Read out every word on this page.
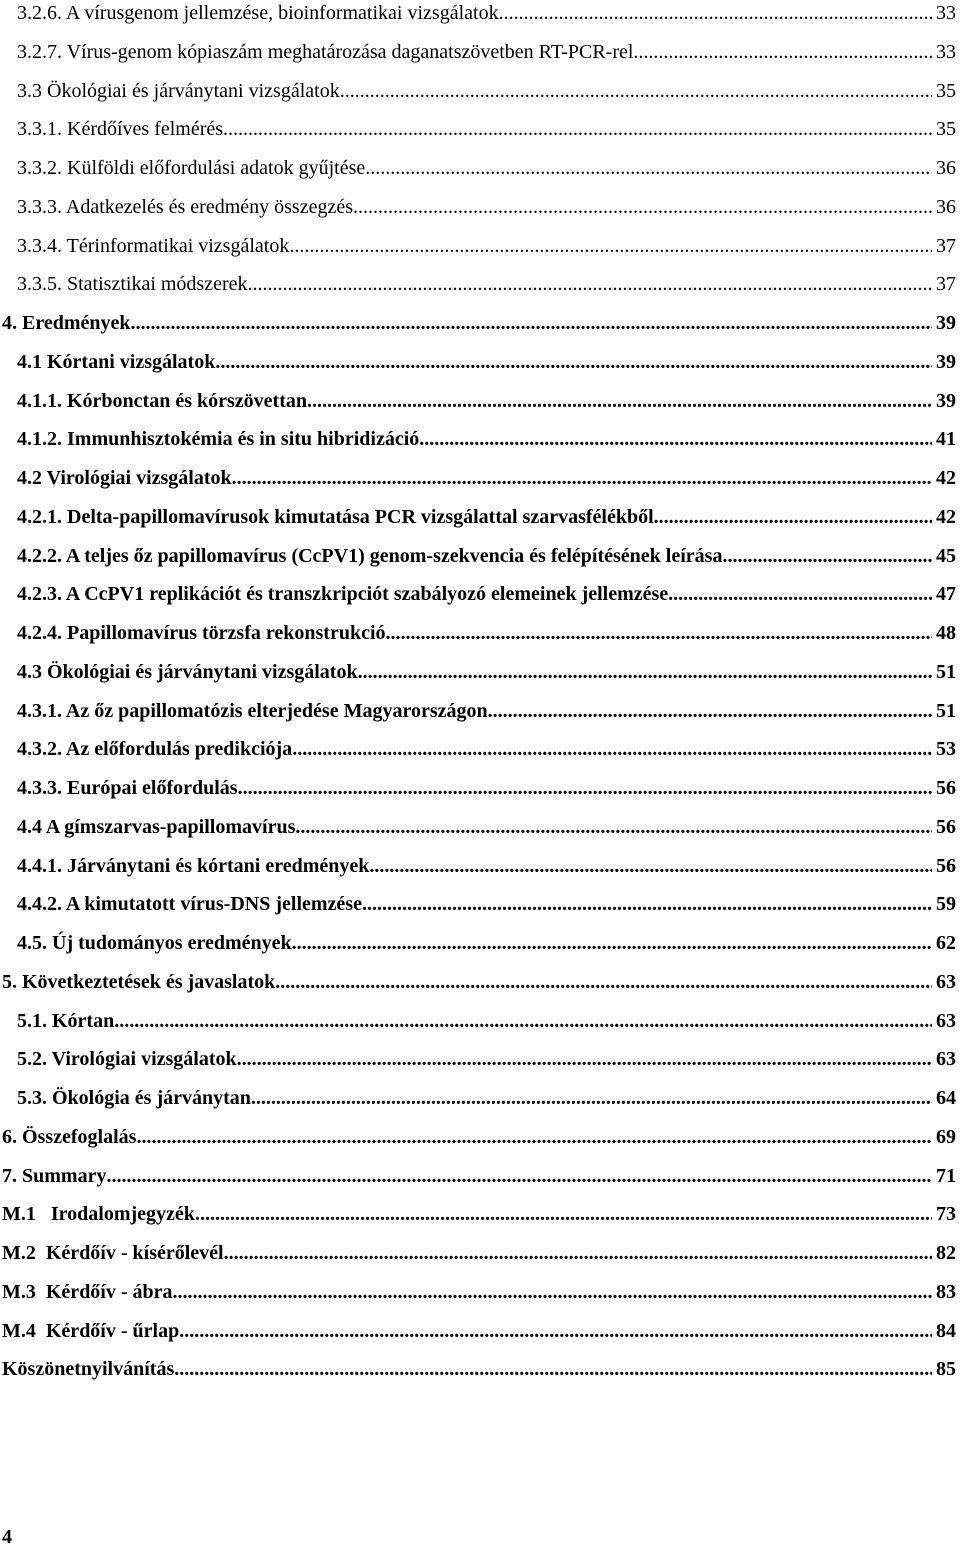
3.2.6. A vírusgenom jellemzése, bioinformatikai vizsgálatok .....	33
3.2.7. Vírus-genom kópiaszám meghatározása daganatszövetben RT-PCR-rel .....	33
3.3 Ökológiai és járványtani vizsgálatok .....	35
3.3.1. Kérdőíves felmérés .....	35
3.3.2. Külföldi előfordulási adatok gyűjtése .....	36
3.3.3. Adatkezelés és eredmény összegzés .....	36
3.3.4. Térinformatikai vizsgálatok .....	37
3.3.5. Statisztikai módszerek .....	37
4. Eredmények .....	39
4.1 Kórtani vizsgálatok .....	39
4.1.1. Kórbonctan és kórszövettan .....	39
4.1.2. Immunhisztokémia és in situ hibridizáció .....	41
4.2 Virológiai vizsgálatok .....	42
4.2.1. Delta-papillomavírusok kimutatása PCR vizsgálattal szarvasfélékből .....	42
4.2.2. A teljes őz papillomavírus (CcPV1) genom-szekvencia és felépítésének leírása .....	45
4.2.3. A CcPV1 replikációt és transzkripciót szabályozó elemeinek jellemzése .....	47
4.2.4. Papillomavírus törzsfa rekonstrukció .....	48
4.3 Ökológiai és járványtani vizsgálatok .....	51
4.3.1. Az őz papillomatózis elterjedése Magyarországon .....	51
4.3.2. Az előfordulás predikciója .....	53
4.3.3. Európai előfordulás .....	56
4.4 A gímszarvas-papillomavírus .....	56
4.4.1. Járványtani és kórtani eredmények .....	56
4.4.2. A kimutatott vírus-DNS jellemzése .....	59
4.5. Új tudományos eredmények .....	62
5. Következtetések és javaslatok .....	63
5.1. Kórtan .....	63
5.2. Virológiai vizsgálatok .....	63
5.3. Ökológia és járványtan .....	64
6. Összefoglalás .....	69
7. Summary .....	71
M.1   Irodalomjegyzék .....	73
M.2  Kérdőív - kísérőlevél .....	82
M.3  Kérdőív - ábra .....	83
M.4  Kérdőív - űrlap .....	84
Köszönetnyilvánítás .....	85
4
